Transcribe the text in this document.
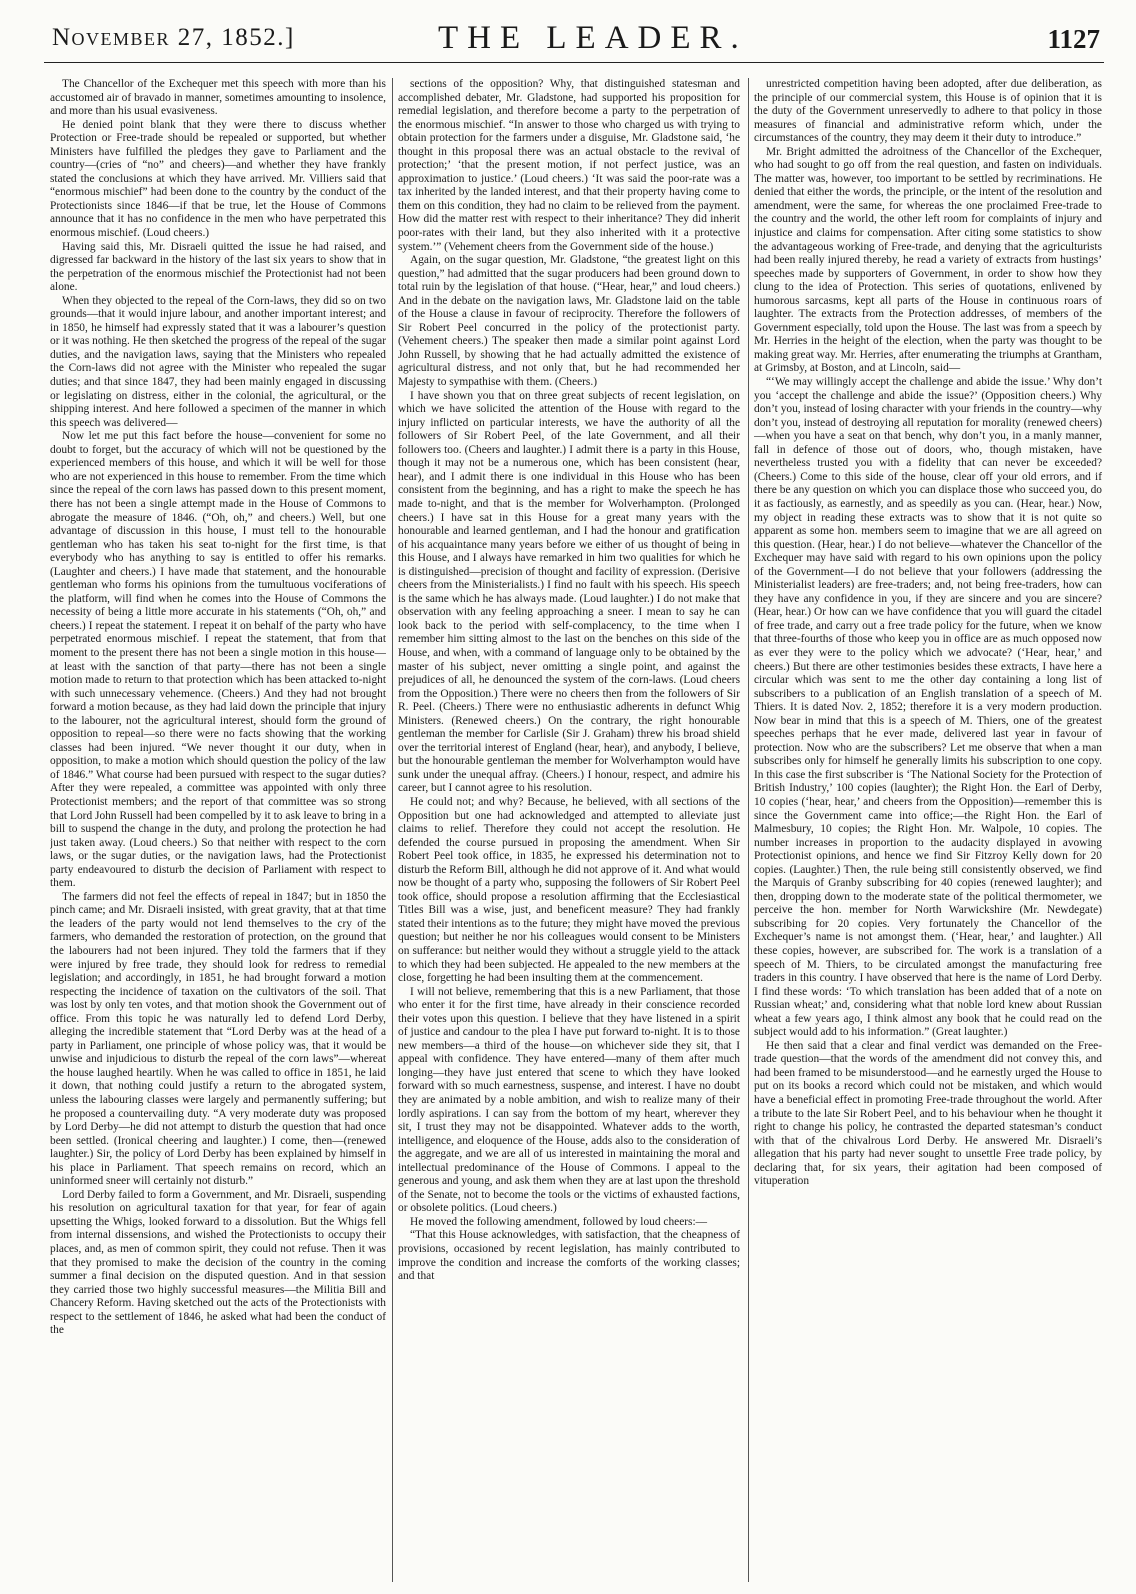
November 27, 1852.]	THE LEADER.	1127

The Chancellor of the Exchequer met this speech with more than his accustomed air of bravado in manner, sometimes amounting to insolence, and more than his usual evasiveness.

He denied point blank that they were there to discuss whether Protection or Free-trade should be repealed or supported, but whether Ministers have fulfilled the pledges they gave to Parliament and the country—(cries of “no” and cheers)—and whether they have frankly stated the conclusions at which they have arrived. Mr. Villiers said that “enormous mischief” had been done to the country by the conduct of the Protectionists since 1846—if that be true, let the House of Commons announce that it has no confidence in the men who have perpetrated this enormous mischief. (Loud cheers.)

Having said this, Mr. Disraeli quitted the issue he had raised, and digressed far backward in the history of the last six years to show that in the perpetration of the enormous mischief the Protectionist had not been alone.

When they objected to the repeal of the Corn-laws, they did so on two grounds—that it would injure labour, and another important interest; and in 1850, he himself had expressly stated that it was a labourer’s question or it was nothing. He then sketched the progress of the repeal of the sugar duties, and the navigation laws, saying that the Ministers who repealed the Corn-laws did not agree with the Minister who repealed the sugar duties; and that since 1847, they had been mainly engaged in discussing or legislating on distress, either in the colonial, the agricultural, or the shipping interest. And here followed a specimen of the manner in which this speech was delivered—

Now let me put this fact before the house—convenient for some no doubt to forget, but the accuracy of which will not be questioned by the experienced members of this house, and which it will be well for those who are not experienced in this house to remember. From the time which since the repeal of the corn laws has passed down to this present moment, there has not been a single attempt made in the House of Commons to abrogate the measure of 1846. (“Oh, oh,” and cheers.) Well, but one advantage of discussion in this house, I must tell to the honourable gentleman who has taken his seat to-night for the first time, is that everybody who has anything to say is entitled to offer his remarks. (Laughter and cheers.) I have made that statement, and the honourable gentleman who forms his opinions from the tumultuous vociferations of the platform, will find when he comes into the House of Commons the necessity of being a little more accurate in his statements (“Oh, oh,” and cheers.) I repeat the statement. I repeat it on behalf of the party who have perpetrated enormous mischief. I repeat the statement, that from that moment to the present there has not been a single motion in this house—at least with the sanction of that party—there has not been a single motion made to return to that protection which has been attacked to-night with such unnecessary vehemence. (Cheers.) And they had not brought forward a motion because, as they had laid down the principle that injury to the labourer, not the agricultural interest, should form the ground of opposition to repeal—so there were no facts showing that the working classes had been injured. “We never thought it our duty, when in opposition, to make a motion which should question the policy of the law of 1846.” What course had been pursued with respect to the sugar duties? After they were repealed, a committee was appointed with only three Protectionist members; and the report of that committee was so strong that Lord John Russell had been compelled by it to ask leave to bring in a bill to suspend the change in the duty, and prolong the protection he had just taken away. (Loud cheers.) So that neither with respect to the corn laws, or the sugar duties, or the navigation laws, had the Protectionist party endeavoured to disturb the decision of Parliament with respect to them.

The farmers did not feel the effects of repeal in 1847; but in 1850 the pinch came; and Mr. Disraeli insisted, with great gravity, that at that time the leaders of the party would not lend themselves to the cry of the farmers, who demanded the restoration of protection, on the ground that the labourers had not been injured. They told the farmers that if they were injured by free trade, they should look for redress to remedial legislation; and accordingly, in 1851, he had brought forward a motion respecting the incidence of taxation on the cultivators of the soil. That was lost by only ten votes, and that motion shook the Government out of office. From this topic he was naturally led to defend Lord Derby, alleging the incredible statement that “Lord Derby was at the head of a party in Parliament, one principle of whose policy was, that it would be unwise and injudicious to disturb the repeal of the corn laws”—whereat the house laughed heartily. When he was called to office in 1851, he laid it down, that nothing could justify a return to the abrogated system, unless the labouring classes were largely and permanently suffering; but he proposed a countervailing duty. “A very moderate duty was proposed by Lord Derby—he did not attempt to disturb the question that had once been settled. (Ironical cheering and laughter.) I come, then—(renewed laughter.) Sir, the policy of Lord Derby has been explained by himself in his place in Parliament. That speech remains on record, which an uninformed sneer will certainly not disturb.”

Lord Derby failed to form a Government, and Mr. Disraeli, suspending his resolution on agricultural taxation for that year, for fear of again upsetting the Whigs, looked forward to a dissolution. But the Whigs fell from internal dissensions, and wished the Protectionists to occupy their places, and, as men of common spirit, they could not refuse. Then it was that they promised to make the decision of the country in the coming summer a final decision on the disputed question. And in that session they carried those two highly successful measures—the Militia Bill and Chancery Reform. Having sketched out the acts of the Protectionists with respect to the settlement of 1846, he asked what had been the conduct of the

sections of the opposition? Why, that distinguished statesman and accomplished debater, Mr. Gladstone, had supported his proposition for remedial legislation, and therefore become a party to the perpetration of the enormous mischief. “In answer to those who charged us with trying to obtain protection for the farmers under a disguise, Mr. Gladstone said, ‘he thought in this proposal there was an actual obstacle to the revival of protection;’ ‘that the present motion, if not perfect justice, was an approximation to justice.’ (Loud cheers.) ‘It was said the poor-rate was a tax inherited by the landed interest, and that their property having come to them on this condition, they had no claim to be relieved from the payment. How did the matter rest with respect to their inheritance? They did inherit poor-rates with their land, but they also inherited with it a protective system.’” (Vehement cheers from the Government side of the house.)

Again, on the sugar question, Mr. Gladstone, “the greatest light on this question,” had admitted that the sugar producers had been ground down to total ruin by the legislation of that house. (“Hear, hear,” and loud cheers.) And in the debate on the navigation laws, Mr. Gladstone laid on the table of the House a clause in favour of reciprocity. Therefore the followers of Sir Robert Peel concurred in the policy of the protectionist party. (Vehement cheers.) The speaker then made a similar point against Lord John Russell, by showing that he had actually admitted the existence of agricultural distress, and not only that, but he had recommended her Majesty to sympathise with them. (Cheers.)

I have shown you that on three great subjects of recent legislation, on which we have solicited the attention of the House with regard to the injury inflicted on particular interests, we have the authority of all the followers of Sir Robert Peel, of the late Government, and all their followers too. (Cheers and laughter.) I admit there is a party in this House, though it may not be a numerous one, which has been consistent (hear, hear), and I admit there is one individual in this House who has been consistent from the beginning, and has a right to make the speech he has made to-night, and that is the member for Wolverhampton. (Prolonged cheers.) I have sat in this House for a great many years with the honourable and learned gentleman, and I had the honour and gratification of his acquaintance many years before we either of us thought of being in this House, and I always have remarked in him two qualities for which he is distinguished—precision of thought and facility of expression. (Derisive cheers from the Ministerialists.) I find no fault with his speech. His speech is the same which he has always made. (Loud laughter.) I do not make that observation with any feeling approaching a sneer. I mean to say he can look back to the period with self-complacency, to the time when I remember him sitting almost to the last on the benches on this side of the House, and when, with a command of language only to be obtained by the master of his subject, never omitting a single point, and against the prejudices of all, he denounced the system of the corn-laws. (Loud cheers from the Opposition.) There were no cheers then from the followers of Sir R. Peel. (Cheers.) There were no enthusiastic adherents in defunct Whig Ministers. (Renewed cheers.) On the contrary, the right honourable gentleman the member for Carlisle (Sir J. Graham) threw his broad shield over the territorial interest of England (hear, hear), and anybody, I believe, but the honourable gentleman the member for Wolverhampton would have sunk under the unequal affray. (Cheers.) I honour, respect, and admire his career, but I cannot agree to his resolution.

He could not; and why? Because, he believed, with all sections of the Opposition but one had acknowledged and attempted to alleviate just claims to relief. Therefore they could not accept the resolution. He defended the course pursued in proposing the amendment. When Sir Robert Peel took office, in 1835, he expressed his determination not to disturb the Reform Bill, although he did not approve of it. And what would now be thought of a party who, supposing the followers of Sir Robert Peel took office, should propose a resolution affirming that the Ecclesiastical Titles Bill was a wise, just, and beneficent measure? They had frankly stated their intentions as to the future; they might have moved the previous question; but neither he nor his colleagues would consent to be Ministers on sufferance: but neither would they without a struggle yield to the attack to which they had been subjected. He appealed to the new members at the close, forgetting he had been insulting them at the commencement.

I will not believe, remembering that this is a new Parliament, that those who enter it for the first time, have already in their conscience recorded their votes upon this question. I believe that they have listened in a spirit of justice and candour to the plea I have put forward to-night. It is to those new members—a third of the house—on whichever side they sit, that I appeal with confidence. They have entered—many of them after much longing—they have just entered that scene to which they have looked forward with so much earnestness, suspense, and interest. I have no doubt they are animated by a noble ambition, and wish to realize many of their lordly aspirations. I can say from the bottom of my heart, wherever they sit, I trust they may not be disappointed. Whatever adds to the worth, intelligence, and eloquence of the House, adds also to the consideration of the aggregate, and we are all of us interested in maintaining the moral and intellectual predominance of the House of Commons. I appeal to the generous and young, and ask them when they are at last upon the threshold of the Senate, not to become the tools or the victims of exhausted factions, or obsolete politics. (Loud cheers.)

He moved the following amendment, followed by loud cheers:—

“That this House acknowledges, with satisfaction, that the cheapness of provisions, occasioned by recent legislation, has mainly contributed to improve the condition and increase the comforts of the working classes; and that

unrestricted competition having been adopted, after due deliberation, as the principle of our commercial system, this House is of opinion that it is the duty of the Government unreservedly to adhere to that policy in those measures of financial and administrative reform which, under the circumstances of the country, they may deem it their duty to introduce.”

Mr. Bright admitted the adroitness of the Chancellor of the Exchequer, who had sought to go off from the real question, and fasten on individuals. The matter was, however, too important to be settled by recriminations. He denied that either the words, the principle, or the intent of the resolution and amendment, were the same, for whereas the one proclaimed Free-trade to the country and the world, the other left room for complaints of injury and injustice and claims for compensation. After citing some statistics to show the advantageous working of Free-trade, and denying that the agriculturists had been really injured thereby, he read a variety of extracts from hustings’ speeches made by supporters of Government, in order to show how they clung to the idea of Protection. This series of quotations, enlivened by humorous sarcasms, kept all parts of the House in continuous roars of laughter. The extracts from the Protection addresses, of members of the Government especially, told upon the House. The last was from a speech by Mr. Herries in the height of the election, when the party was thought to be making great way. Mr. Herries, after enumerating the triumphs at Grantham, at Grimsby, at Boston, and at Lincoln, said—

“‘We may willingly accept the challenge and abide the issue.’ Why don’t you ‘accept the challenge and abide the issue?’ (Opposition cheers.) Why don’t you, instead of losing character with your friends in the country—why don’t you, instead of destroying all reputation for morality (renewed cheers)—when you have a seat on that bench, why don’t you, in a manly manner, fall in defence of those out of doors, who, though mistaken, have nevertheless trusted you with a fidelity that can never be exceeded? (Cheers.) Come to this side of the house, clear off your old errors, and if there be any question on which you can displace those who succeed you, do it as factiously, as earnestly, and as speedily as you can. (Hear, hear.) Now, my object in reading these extracts was to show that it is not quite so apparent as some hon. members seem to imagine that we are all agreed on this question. (Hear, hear.) I do not believe—whatever the Chancellor of the Exchequer may have said with regard to his own opinions upon the policy of the Government—I do not believe that your followers (addressing the Ministerialist leaders) are free-traders; and, not being free-traders, how can they have any confidence in you, if they are sincere and you are sincere? (Hear, hear.) Or how can we have confidence that you will guard the citadel of free trade, and carry out a free trade policy for the future, when we know that three-fourths of those who keep you in office are as much opposed now as ever they were to the policy which we advocate? (‘Hear, hear,’ and cheers.) But there are other testimonies besides these extracts, I have here a circular which was sent to me the other day containing a long list of subscribers to a publication of an English translation of a speech of M. Thiers. It is dated Nov. 2, 1852; therefore it is a very modern production. Now bear in mind that this is a speech of M. Thiers, one of the greatest speeches perhaps that he ever made, delivered last year in favour of protection. Now who are the subscribers? Let me observe that when a man subscribes only for himself he generally limits his subscription to one copy. In this case the first subscriber is ‘The National Society for the Protection of British Industry,’ 100 copies (laughter); the Right Hon. the Earl of Derby, 10 copies (‘hear, hear,’ and cheers from the Opposition)—remember this is since the Government came into office;—the Right Hon. the Earl of Malmesbury, 10 copies; the Right Hon. Mr. Walpole, 10 copies. The number increases in proportion to the audacity displayed in avowing Protectionist opinions, and hence we find Sir Fitzroy Kelly down for 20 copies. (Laughter.) Then, the rule being still consistently observed, we find the Marquis of Granby subscribing for 40 copies (renewed laughter); and then, dropping down to the moderate state of the political thermometer, we perceive the hon. member for North Warwickshire (Mr. Newdegate) subscribing for 20 copies. Very fortunately the Chancellor of the Exchequer’s name is not amongst them. (‘Hear, hear,’ and laughter.) All these copies, however, are subscribed for. The work is a translation of a speech of M. Thiers, to be circulated amongst the manufacturing free traders in this country. I have observed that here is the name of Lord Derby. I find these words: ‘To which translation has been added that of a note on Russian wheat;’ and, considering what that noble lord knew about Russian wheat a few years ago, I think almost any book that he could read on the subject would add to his information.” (Great laughter.)

He then said that a clear and final verdict was demanded on the Free-trade question—that the words of the amendment did not convey this, and had been framed to be misunderstood—and he earnestly urged the House to put on its books a record which could not be mistaken, and which would have a beneficial effect in promoting Free-trade throughout the world. After a tribute to the late Sir Robert Peel, and to his behaviour when he thought it right to change his policy, he contrasted the departed statesman’s conduct with that of the chivalrous Lord Derby. He answered Mr. Disraeli’s allegation that his party had never sought to unsettle Free trade policy, by declaring that, for six years, their agitation had been composed of vituperation
